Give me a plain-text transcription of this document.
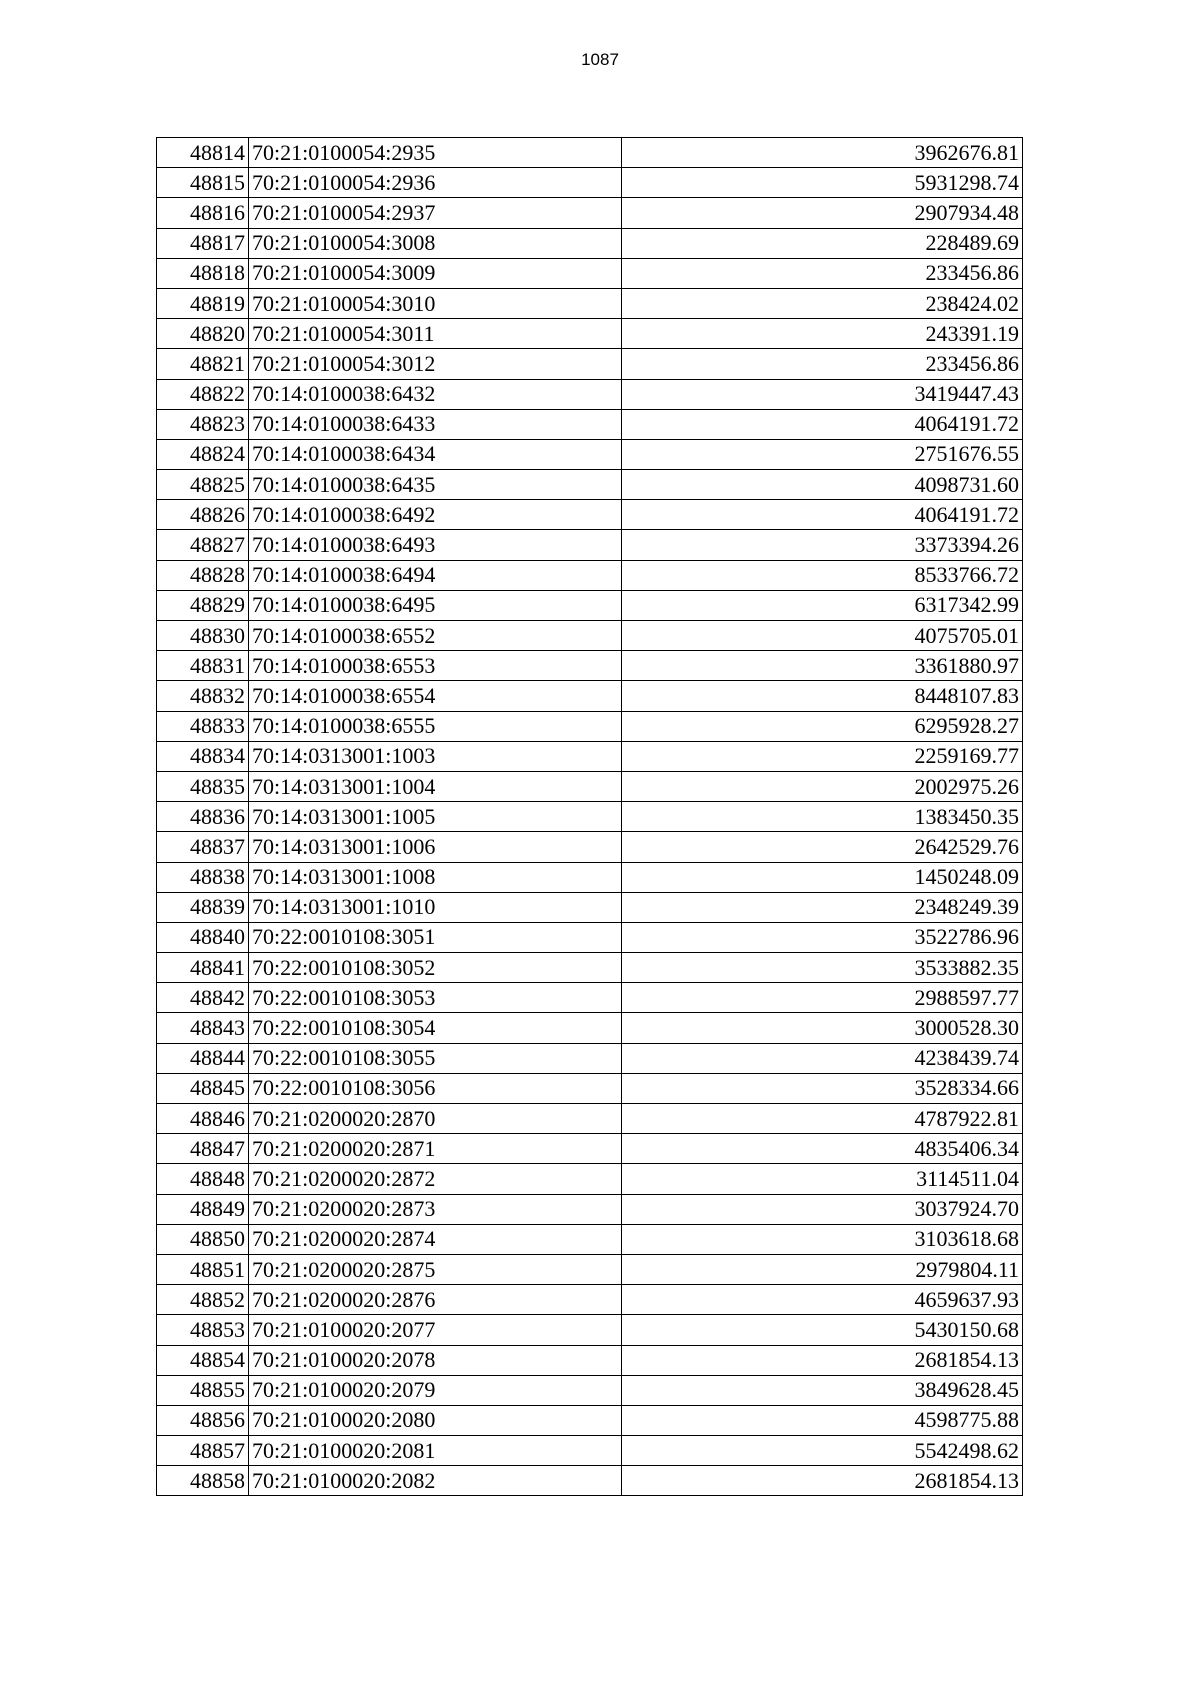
1087
48814	70:21:0100054:2935	3962676.81
48815	70:21:0100054:2936	5931298.74
48816	70:21:0100054:2937	2907934.48
48817	70:21:0100054:3008	228489.69
48818	70:21:0100054:3009	233456.86
48819	70:21:0100054:3010	238424.02
48820	70:21:0100054:3011	243391.19
48821	70:21:0100054:3012	233456.86
48822	70:14:0100038:6432	3419447.43
48823	70:14:0100038:6433	4064191.72
48824	70:14:0100038:6434	2751676.55
48825	70:14:0100038:6435	4098731.60
48826	70:14:0100038:6492	4064191.72
48827	70:14:0100038:6493	3373394.26
48828	70:14:0100038:6494	8533766.72
48829	70:14:0100038:6495	6317342.99
48830	70:14:0100038:6552	4075705.01
48831	70:14:0100038:6553	3361880.97
48832	70:14:0100038:6554	8448107.83
48833	70:14:0100038:6555	6295928.27
48834	70:14:0313001:1003	2259169.77
48835	70:14:0313001:1004	2002975.26
48836	70:14:0313001:1005	1383450.35
48837	70:14:0313001:1006	2642529.76
48838	70:14:0313001:1008	1450248.09
48839	70:14:0313001:1010	2348249.39
48840	70:22:0010108:3051	3522786.96
48841	70:22:0010108:3052	3533882.35
48842	70:22:0010108:3053	2988597.77
48843	70:22:0010108:3054	3000528.30
48844	70:22:0010108:3055	4238439.74
48845	70:22:0010108:3056	3528334.66
48846	70:21:0200020:2870	4787922.81
48847	70:21:0200020:2871	4835406.34
48848	70:21:0200020:2872	3114511.04
48849	70:21:0200020:2873	3037924.70
48850	70:21:0200020:2874	3103618.68
48851	70:21:0200020:2875	2979804.11
48852	70:21:0200020:2876	4659637.93
48853	70:21:0100020:2077	5430150.68
48854	70:21:0100020:2078	2681854.13
48855	70:21:0100020:2079	3849628.45
48856	70:21:0100020:2080	4598775.88
48857	70:21:0100020:2081	5542498.62
48858	70:21:0100020:2082	2681854.13
